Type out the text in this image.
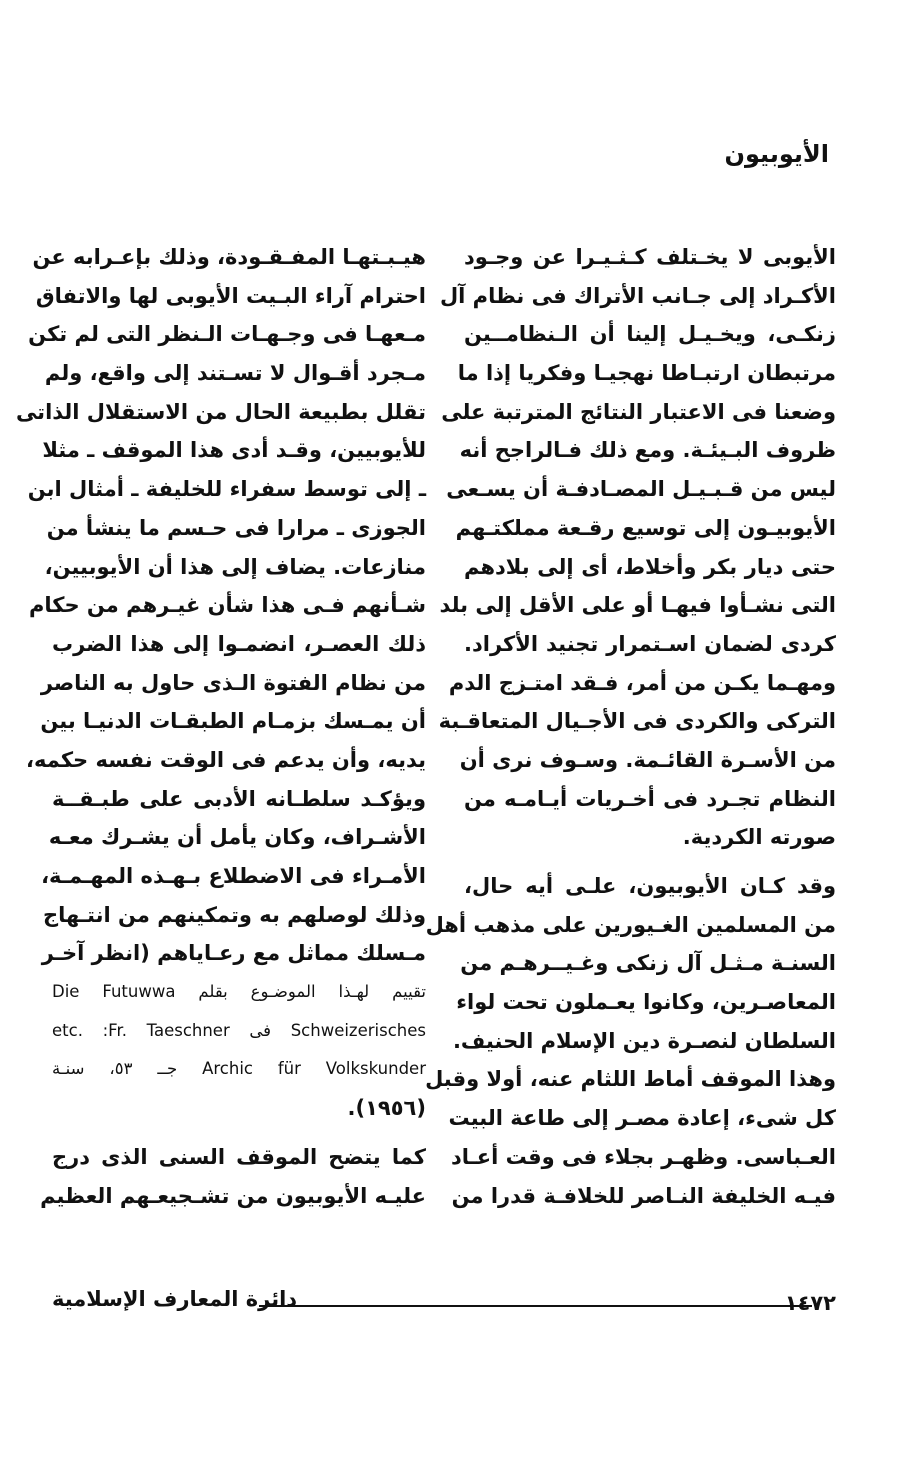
الأيوبيون
الأيوبى لا يخـتلف كـثـيـرا عن وجـود
الأكـراد إلى جـانب الأتراك فى نظام آل
زنكـى، ويخـيـل إلينا أن الـنظامــين
مرتبطان ارتبـاطا نهجيـا وفكريا إذا ما
وضعنا فى الاعتبار النتائج المترتبة على
ظروف البـيئـة. ومع ذلك فـالراجح أنه
ليس من قـبـيـل المصـادفـة أن يسـعى
الأيوبيـون إلى توسيع رقـعة مملكتـهم
حتى ديار بكر وأخلاط، أى إلى بلادهم
التى نشـأوا فيهـا أو على الأقل إلى بلد
كردى لضمان اسـتمرار تجنيد الأكراد.
ومهـما يكـن من أمر، فـقد امتـزج الدم
التركى والكردى فى الأجـيال المتعاقـبة
من الأسـرة القائـمة. وسـوف نرى أن
النظام تجـرد فى أخـريات أيـامـه من
صورته الكردية.
وقد كـان الأيوبيون، علـى أيه حال،
من المسلمين الغـيورين على مذهب أهل
السنـة مـثـل آل زنكى وغـيــرهـم من
المعاصـرين، وكانوا يعـملون تحت لواء
السلطان لنصـرة دين الإسلام الحنيف.
وهذا الموقف أماط اللثام عنه، أولا وقبل
كل شىء، إعادة مصـر إلى طاعة البيت
العـباسى. وظهـر بجلاء فى وقت أعـاد
فيـه الخليفة النـاصر للخلافـة قدرا من
هيـبـتهـا المفـقـودة، وذلك بإعـرابه عن
احترام آراء البـيت الأيوبى لها والاتفاق
مـعهـا فى وجـهـات الـنظر التى لم تكن
مـجرد أقـوال لا تسـتند إلى واقع، ولم
تقلل بطبيعة الحال من الاستقلال الذاتى
للأيوبيين، وقـد أدى هذا الموقف ـ مثلا
ـ إلى توسط سفراء للخليفة ـ أمثال ابن
الجوزى ـ مرارا فى حـسم ما ينشأ من
منازعات. يضاف إلى هذا أن الأيوبيين،
شـأنهم فـى هذا شأن غيـرهم من حكام
ذلك العصـر، انضمـوا إلى هذا الضرب
من نظام الفتوة الـذى حاول به الناصر
أن يمـسك بزمـام الطبقـات الدنيـا بين
يديه، وأن يدعم فى الوقت نفسه حكمه،
ويؤكـد سلطـانه الأدبى على طبـقــة
الأشـراف، وكان يأمل أن يشـرك معـه
الأمـراء فى الاضطلاع بـهـذه المهـمـة،
وذلك لوصلهم به وتمكينهم من انتـهاج
مـسلك مماثل مع رعـاياهم (انظر آخـر
تقييم لهـذا الموضـوع بقلم Die Futuwwa
Schweizerisches فى etc. :Fr. Taeschner
Archic für Volkskunder جــ ٥٣، سنـة
(١٩٥٦).
كما يتضح الموقف السنى الذى درج
عليـه الأيوبيون من تشـجيعـهم العظيم
دائرة المعارف الإسلامية	١٤٧٢
